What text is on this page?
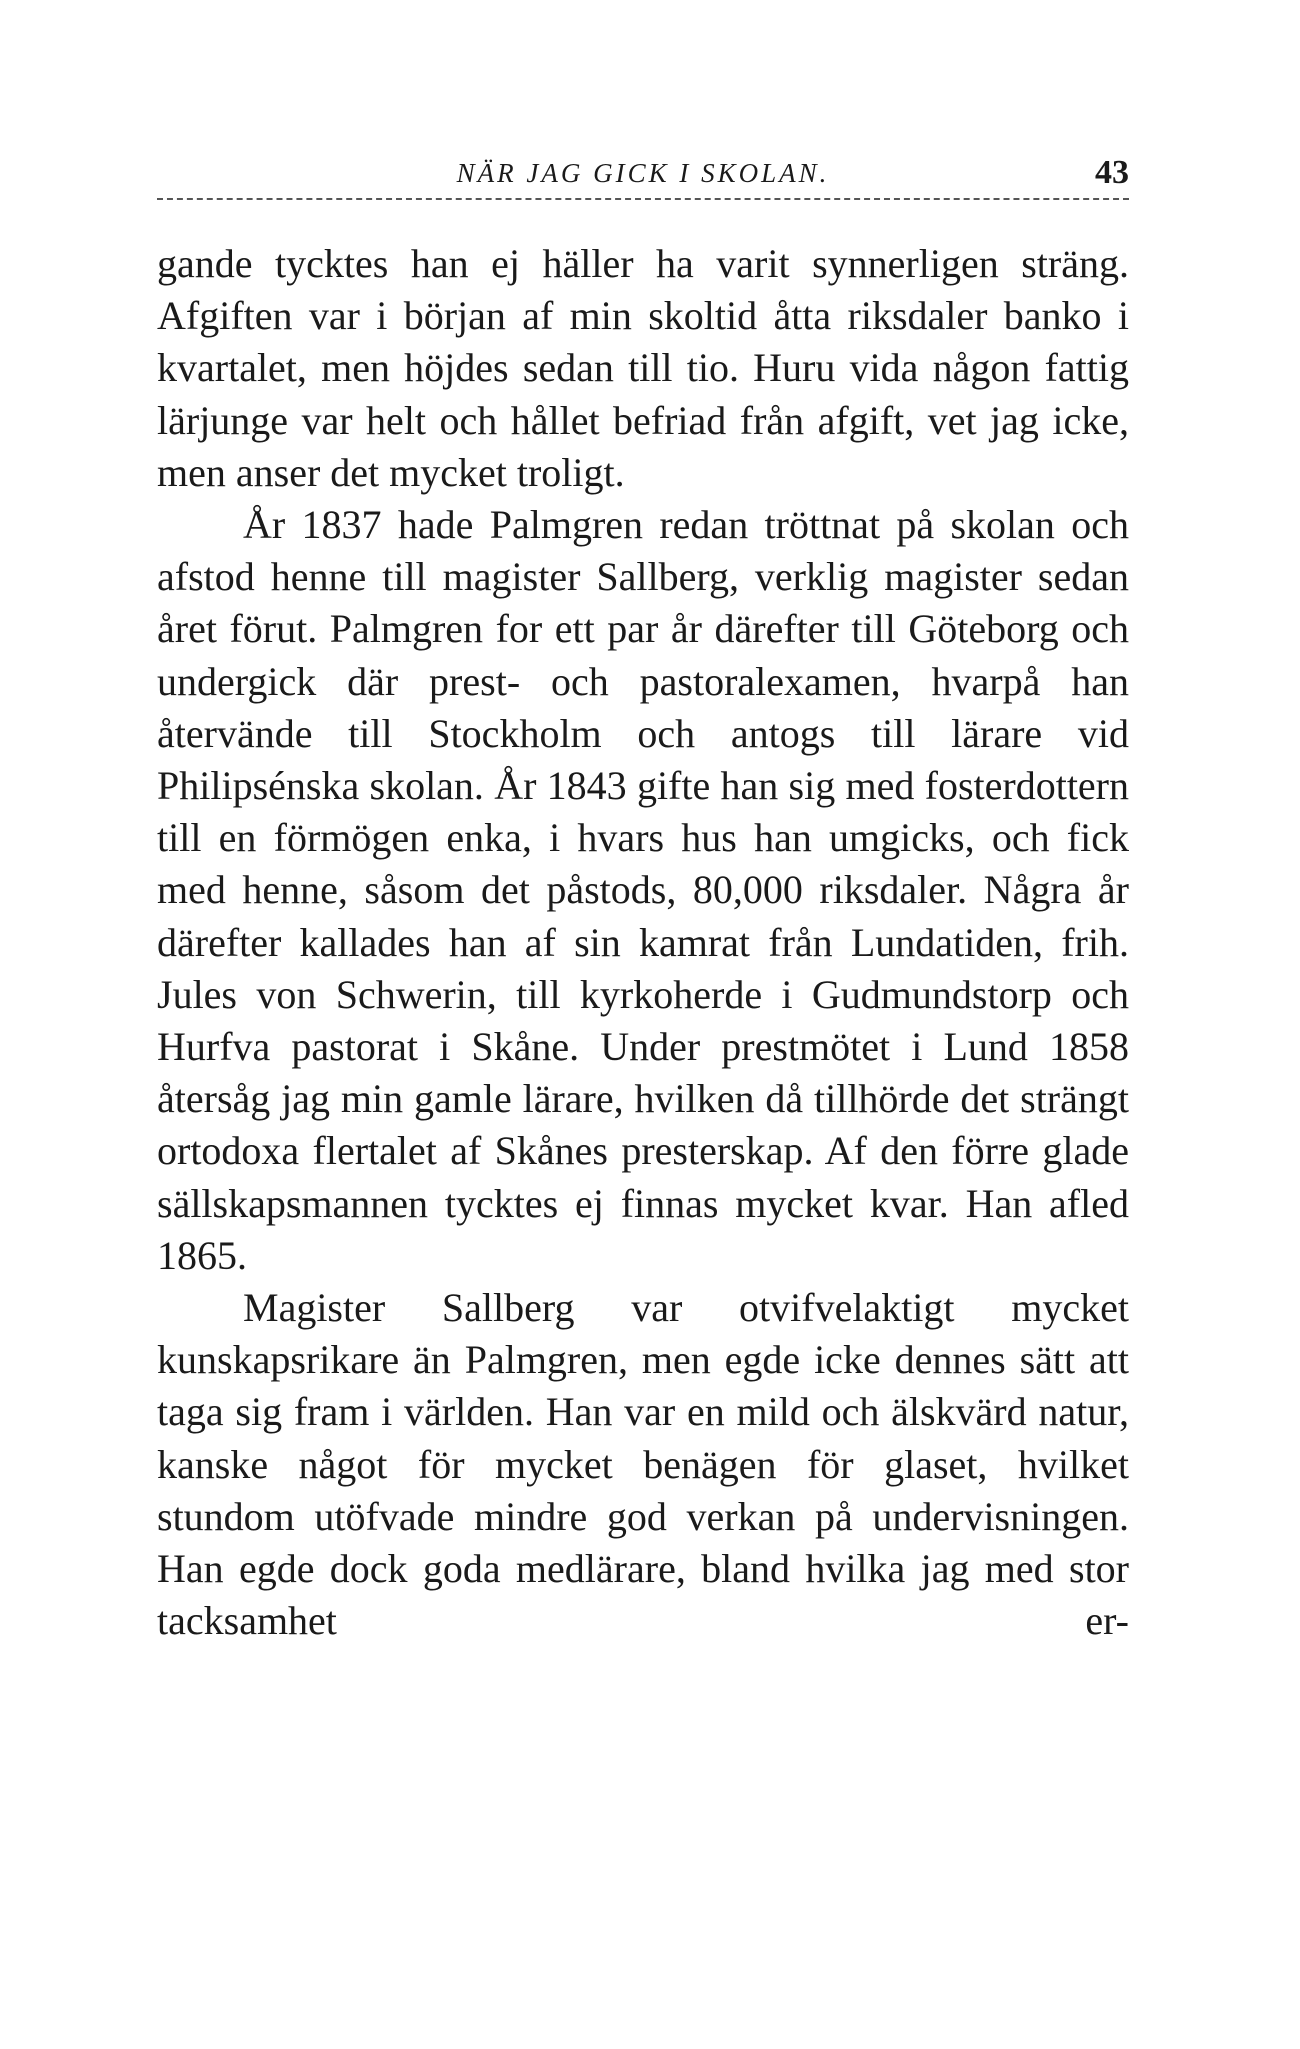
NÄR JAG GICK I SKOLAN.	43

gande tycktes han ej häller ha varit synnerligen sträng. Afgiften var i början af min skoltid åtta riksdaler banko i kvartalet, men höjdes sedan till tio. Huru vida någon fattig lärjunge var helt och hållet befriad från afgift, vet jag icke, men anser det mycket troligt.

År 1837 hade Palmgren redan tröttnat på skolan och afstod henne till magister Sallberg, verklig magister sedan året förut. Palmgren for ett par år därefter till Göteborg och undergick där prest- och pastoralexamen, hvarpå han återvände till Stockholm och antogs till lärare vid Philipsénska skolan. År 1843 gifte han sig med fosterdottern till en förmögen enka, i hvars hus han umgicks, och fick med henne, såsom det påstods, 80,000 riksdaler. Några år därefter kallades han af sin kamrat från Lundatiden, frih. Jules von Schwerin, till kyrkoherde i Gudmundstorp och Hurfva pastorat i Skåne. Under prestmötet i Lund 1858 återsåg jag min gamle lärare, hvilken då tillhörde det strängt ortodoxa flertalet af Skånes presterskap. Af den förre glade sällskapsmannen tycktes ej finnas mycket kvar. Han afled 1865.

Magister Sallberg var otvifvelaktigt mycket kunskapsrikare än Palmgren, men egde icke dennes sätt att taga sig fram i världen. Han var en mild och älskvärd natur, kanske något för mycket benägen för glaset, hvilket stundom utöfvade mindre god verkan på undervisningen. Han egde dock goda medlärare, bland hvilka jag med stor tacksamhet er-
